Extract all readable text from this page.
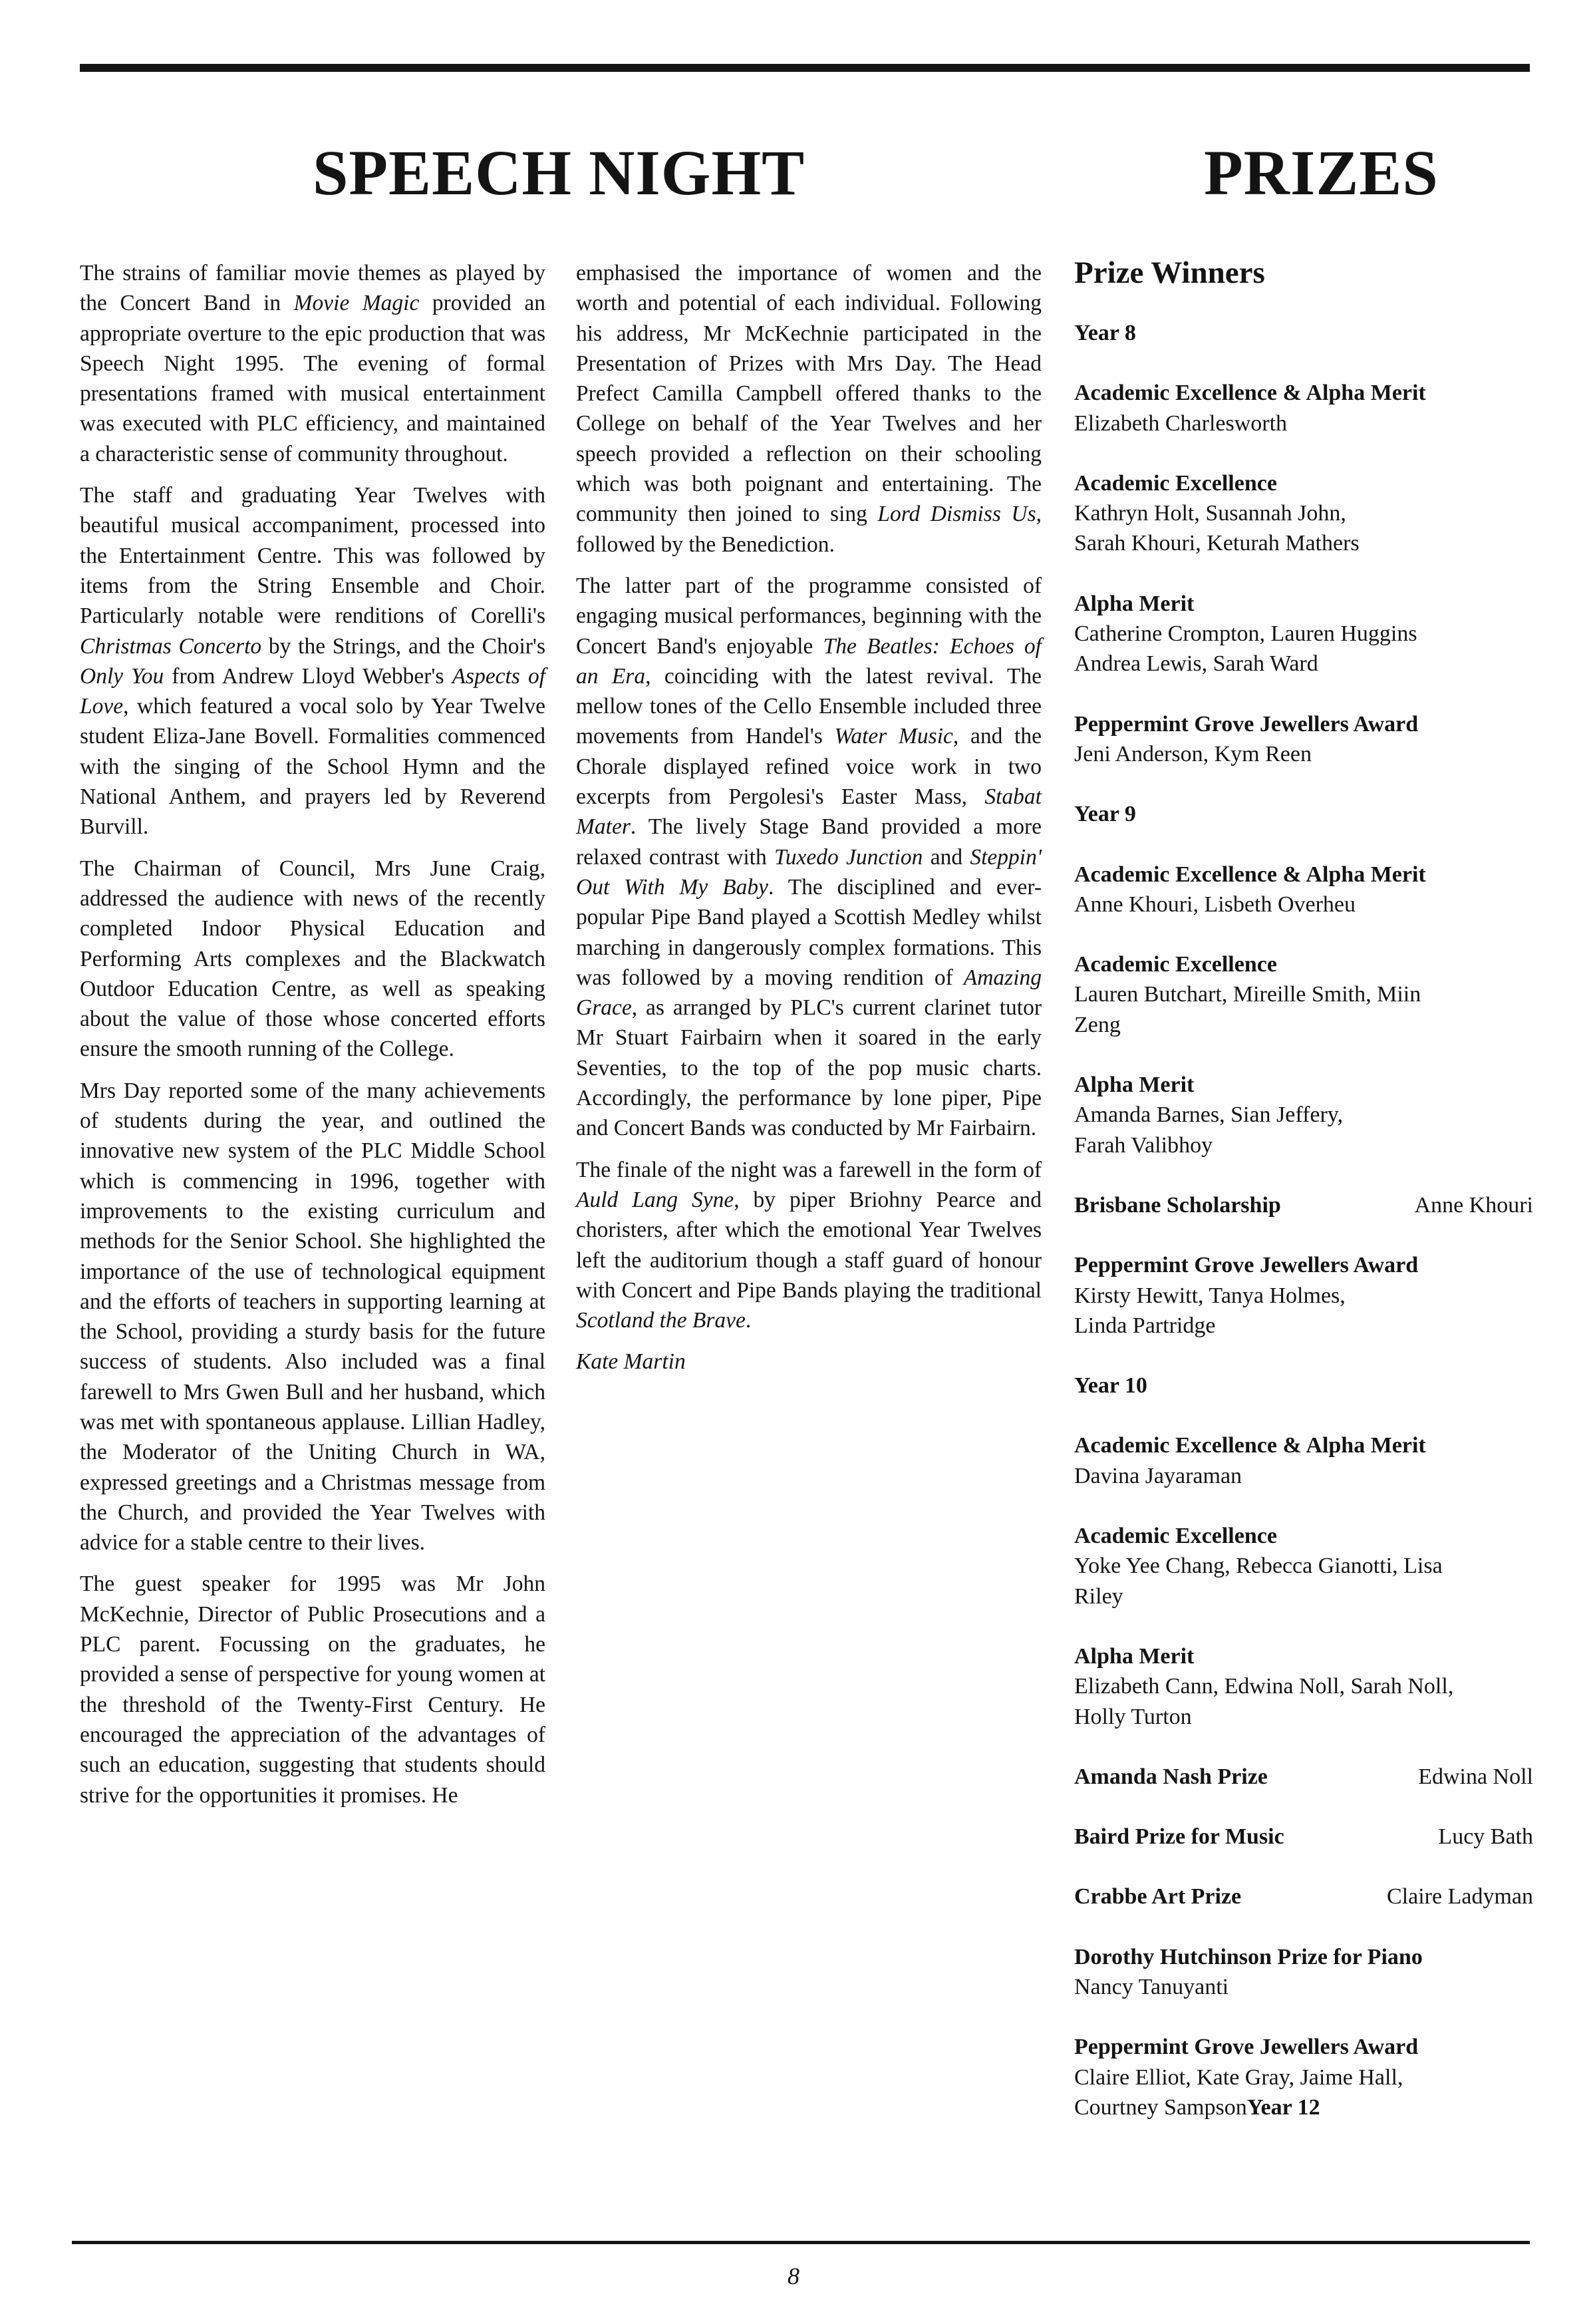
SPEECH NIGHT	PRIZES

The strains of familiar movie themes as played by the Concert Band in Movie Magic provided an appropriate overture to the epic production that was Speech Night 1995. The evening of formal presentations framed with musical entertainment was executed with PLC efficiency, and maintained a characteristic sense of community throughout.

The staff and graduating Year Twelves with beautiful musical accompaniment, processed into the Entertainment Centre. This was followed by items from the String Ensemble and Choir. Particularly notable were renditions of Corelli's Christmas Concerto by the Strings, and the Choir's Only You from Andrew Lloyd Webber's Aspects of Love, which featured a vocal solo by Year Twelve student Eliza-Jane Bovell. Formalities commenced with the singing of the School Hymn and the National Anthem, and prayers led by Reverend Burvill.

The Chairman of Council, Mrs June Craig, addressed the audience with news of the recently completed Indoor Physical Education and Performing Arts complexes and the Blackwatch Outdoor Education Centre, as well as speaking about the value of those whose concerted efforts ensure the smooth running of the College.

Mrs Day reported some of the many achievements of students during the year, and outlined the innovative new system of the PLC Middle School which is commencing in 1996, together with improvements to the existing curriculum and methods for the Senior School. She highlighted the importance of the use of technological equipment and the efforts of teachers in supporting learning at the School, providing a sturdy basis for the future success of students. Also included was a final farewell to Mrs Gwen Bull and her husband, which was met with spontaneous applause. Lillian Hadley, the Moderator of the Uniting Church in WA, expressed greetings and a Christmas message from the Church, and provided the Year Twelves with advice for a stable centre to their lives.

The guest speaker for 1995 was Mr John McKechnie, Director of Public Prosecutions and a PLC parent. Focussing on the graduates, he provided a sense of perspective for young women at the threshold of the Twenty-First Century. He encouraged the appreciation of the advantages of such an education, suggesting that students should strive for the opportunities it promises. He

emphasised the importance of women and the worth and potential of each individual. Following his address, Mr McKechnie participated in the Presentation of Prizes with Mrs Day. The Head Prefect Camilla Campbell offered thanks to the College on behalf of the Year Twelves and her speech provided a reflection on their schooling which was both poignant and entertaining. The community then joined to sing Lord Dismiss Us, followed by the Benediction.

The latter part of the programme consisted of engaging musical performances, beginning with the Concert Band's enjoyable The Beatles: Echoes of an Era, coinciding with the latest revival. The mellow tones of the Cello Ensemble included three movements from Handel's Water Music, and the Chorale displayed refined voice work in two excerpts from Pergolesi's Easter Mass, Stabat Mater. The lively Stage Band provided a more relaxed contrast with Tuxedo Junction and Steppin' Out With My Baby. The disciplined and ever-popular Pipe Band played a Scottish Medley whilst marching in dangerously complex formations. This was followed by a moving rendition of Amazing Grace, as arranged by PLC's current clarinet tutor Mr Stuart Fairbairn when it soared in the early Seventies, to the top of the pop music charts. Accordingly, the performance by lone piper, Pipe and Concert Bands was conducted by Mr Fairbairn.

The finale of the night was a farewell in the form of Auld Lang Syne, by piper Briohny Pearce and choristers, after which the emotional Year Twelves left the auditorium though a staff guard of honour with Concert and Pipe Bands playing the traditional Scotland the Brave.

Kate Martin
Prize Winners
Year 8
Academic Excellence & Alpha Merit
Elizabeth Charlesworth
Academic Excellence
Kathryn Holt, Susannah John,
Sarah Khouri, Keturah Mathers
Alpha Merit
Catherine Crompton, Lauren Huggins
Andrea Lewis, Sarah Ward
Peppermint Grove Jewellers Award
Jeni Anderson, Kym Reen
Year 9
Academic Excellence & Alpha Merit
Anne Khouri, Lisbeth Overheu
Academic Excellence
Lauren Butchart, Mireille Smith, Miin
Zeng
Alpha Merit
Amanda Barnes, Sian Jeffery,
Farah Valibhoy
Brisbane Scholarship	Anne Khouri
Peppermint Grove Jewellers Award
Kirsty Hewitt, Tanya Holmes,
Linda Partridge
Year 10
Academic Excellence & Alpha Merit
Davina Jayaraman
Academic Excellence
Yoke Yee Chang, Rebecca Gianotti, Lisa
Riley
Alpha Merit
Elizabeth Cann, Edwina Noll, Sarah Noll,
Holly Turton
Amanda Nash Prize	Edwina Noll
Baird Prize for Music	Lucy Bath
Crabbe Art Prize	Claire Ladyman
Dorothy Hutchinson Prize for Piano
Nancy Tanuyanti
Peppermint Grove Jewellers Award
Claire Elliot, Kate Gray, Jaime Hall,
Courtney SampsonYear 12
8
